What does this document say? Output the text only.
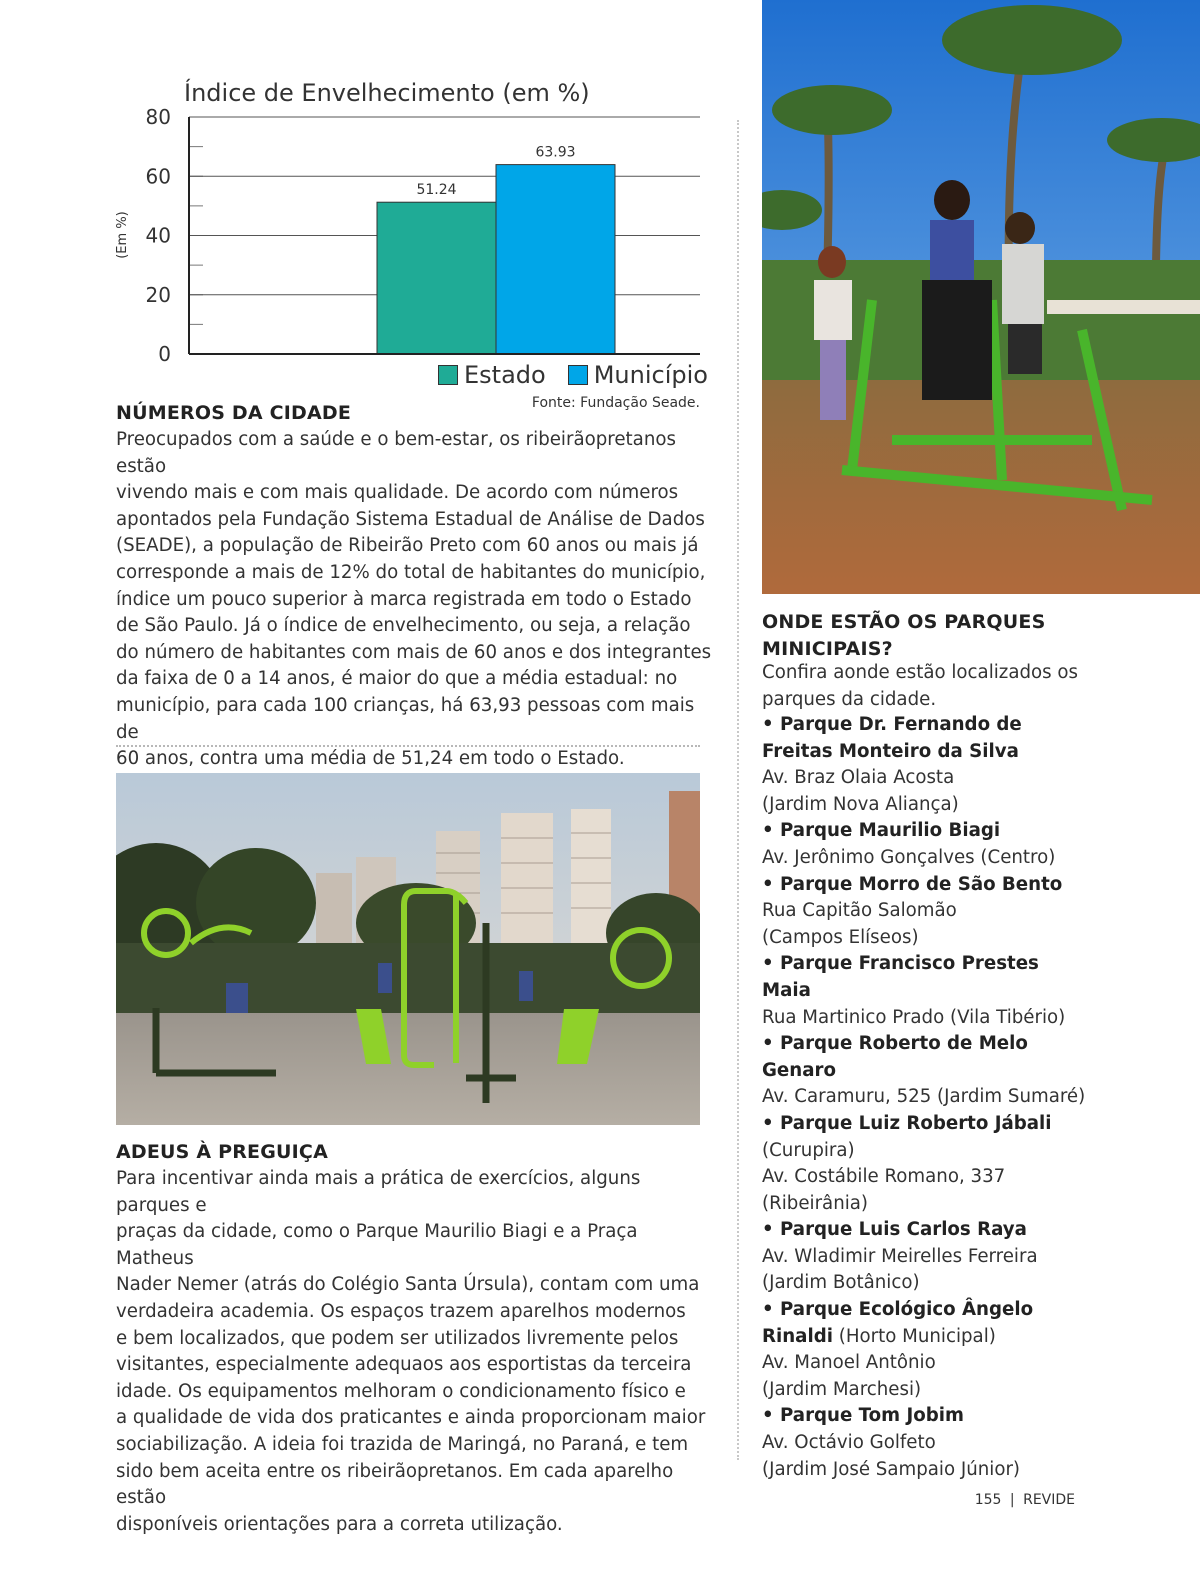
Índice de Envelhecimento (em %)
(Em %)
0
20
40
60
80
51.24
63.93
Estado Município
Fonte: Fundação Seade.
NÚMEROS DA CIDADE
Preocupados com a saúde e o bem-estar, os ribeirãopretanos estão
vivendo mais e com mais qualidade. De acordo com números
apontados pela Fundação Sistema Estadual de Análise de Dados
(SEADE), a população de Ribeirão Preto com 60 anos ou mais já
corresponde a mais de 12% do total de habitantes do município,
índice um pouco superior à marca registrada em todo o Estado
de São Paulo. Já o índice de envelhecimento, ou seja, a relação
do número de habitantes com mais de 60 anos e dos integrantes
da faixa de 0 a 14 anos, é maior do que a média estadual: no
município, para cada 100 crianças, há 63,93 pessoas com mais de
60 anos, contra uma média de 51,24 em todo o Estado.
ADEUS À PREGUIÇA
Para incentivar ainda mais a prática de exercícios, alguns parques e
praças da cidade, como o Parque Maurilio Biagi e a Praça Matheus
Nader Nemer (atrás do Colégio Santa Úrsula), contam com uma
verdadeira academia. Os espaços trazem aparelhos modernos
e bem localizados, que podem ser utilizados livremente pelos
visitantes, especialmente adequaos aos esportistas da terceira
idade. Os equipamentos melhoram o condicionamento físico e
a qualidade de vida dos praticantes e ainda proporcionam maior
sociabilização. A ideia foi trazida de Maringá, no Paraná, e tem
sido bem aceita entre os ribeirãopretanos. Em cada aparelho estão
disponíveis orientações para a correta utilização.
ONDE ESTÃO OS PARQUES
MINICIPAIS?
Confira aonde estão localizados os
parques da cidade.
• Parque Dr. Fernando de
Freitas Monteiro da Silva
Av. Braz Olaia Acosta
(Jardim Nova Aliança)
• Parque Maurilio Biagi
Av. Jerônimo Gonçalves (Centro)
• Parque Morro de São Bento
Rua Capitão Salomão
(Campos Elíseos)
• Parque Francisco Prestes Maia
Rua Martinico Prado (Vila Tibério)
• Parque Roberto de Melo
Genaro
Av. Caramuru, 525 (Jardim Sumaré)
• Parque Luiz Roberto Jábali
(Curupira)
Av. Costábile Romano, 337
(Ribeirânia)
• Parque Luis Carlos Raya
Av. Wladimir Meirelles Ferreira
(Jardim Botânico)
• Parque Ecológico Ângelo
Rinaldi (Horto Municipal)
Av. Manoel Antônio
(Jardim Marchesi)
• Parque Tom Jobim
Av. Octávio Golfeto
(Jardim José Sampaio Júnior)
155 | REVIDE
